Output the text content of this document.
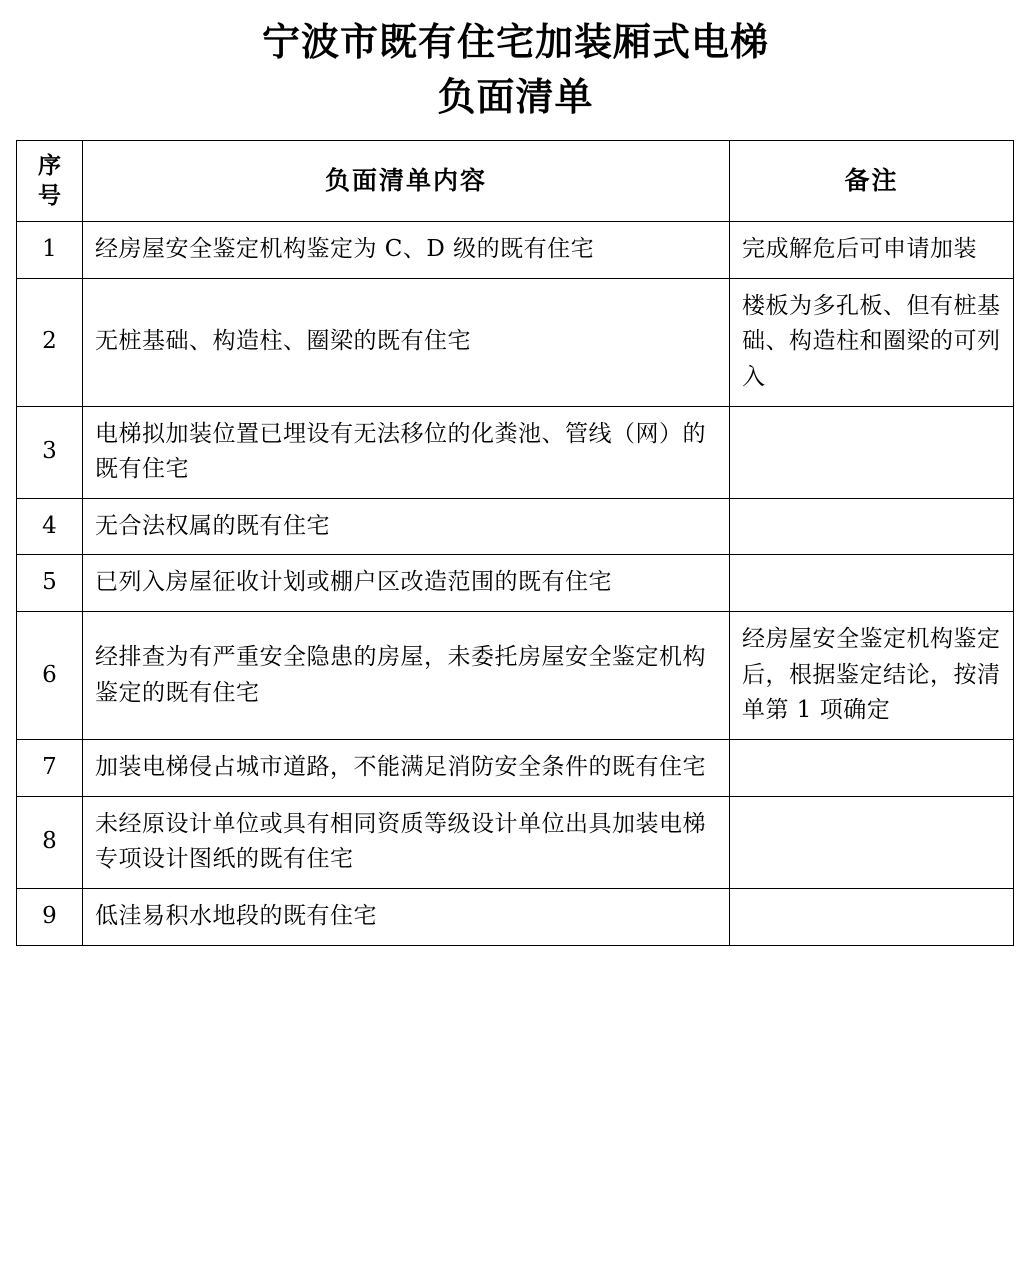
宁波市既有住宅加装厢式电梯
负面清单
序
号	负面清单内容	备注
1	经房屋安全鉴定机构鉴定为 C、D 级的既有住宅	完成解危后可申请加装
2	无桩基础、构造柱、圈梁的既有住宅	楼板为多孔板、但有桩基础、构造柱和圈梁的可列入
3	电梯拟加装位置已埋设有无法移位的化粪池、管线（网）的既有住宅	
4	无合法权属的既有住宅	
5	已列入房屋征收计划或棚户区改造范围的既有住宅	
6	经排查为有严重安全隐患的房屋，未委托房屋安全鉴定机构鉴定的既有住宅	经房屋安全鉴定机构鉴定后，根据鉴定结论，按清单第 1 项确定
7	加装电梯侵占城市道路，不能满足消防安全条件的既有住宅	
8	未经原设计单位或具有相同资质等级设计单位出具加装电梯专项设计图纸的既有住宅	
9	低洼易积水地段的既有住宅	
